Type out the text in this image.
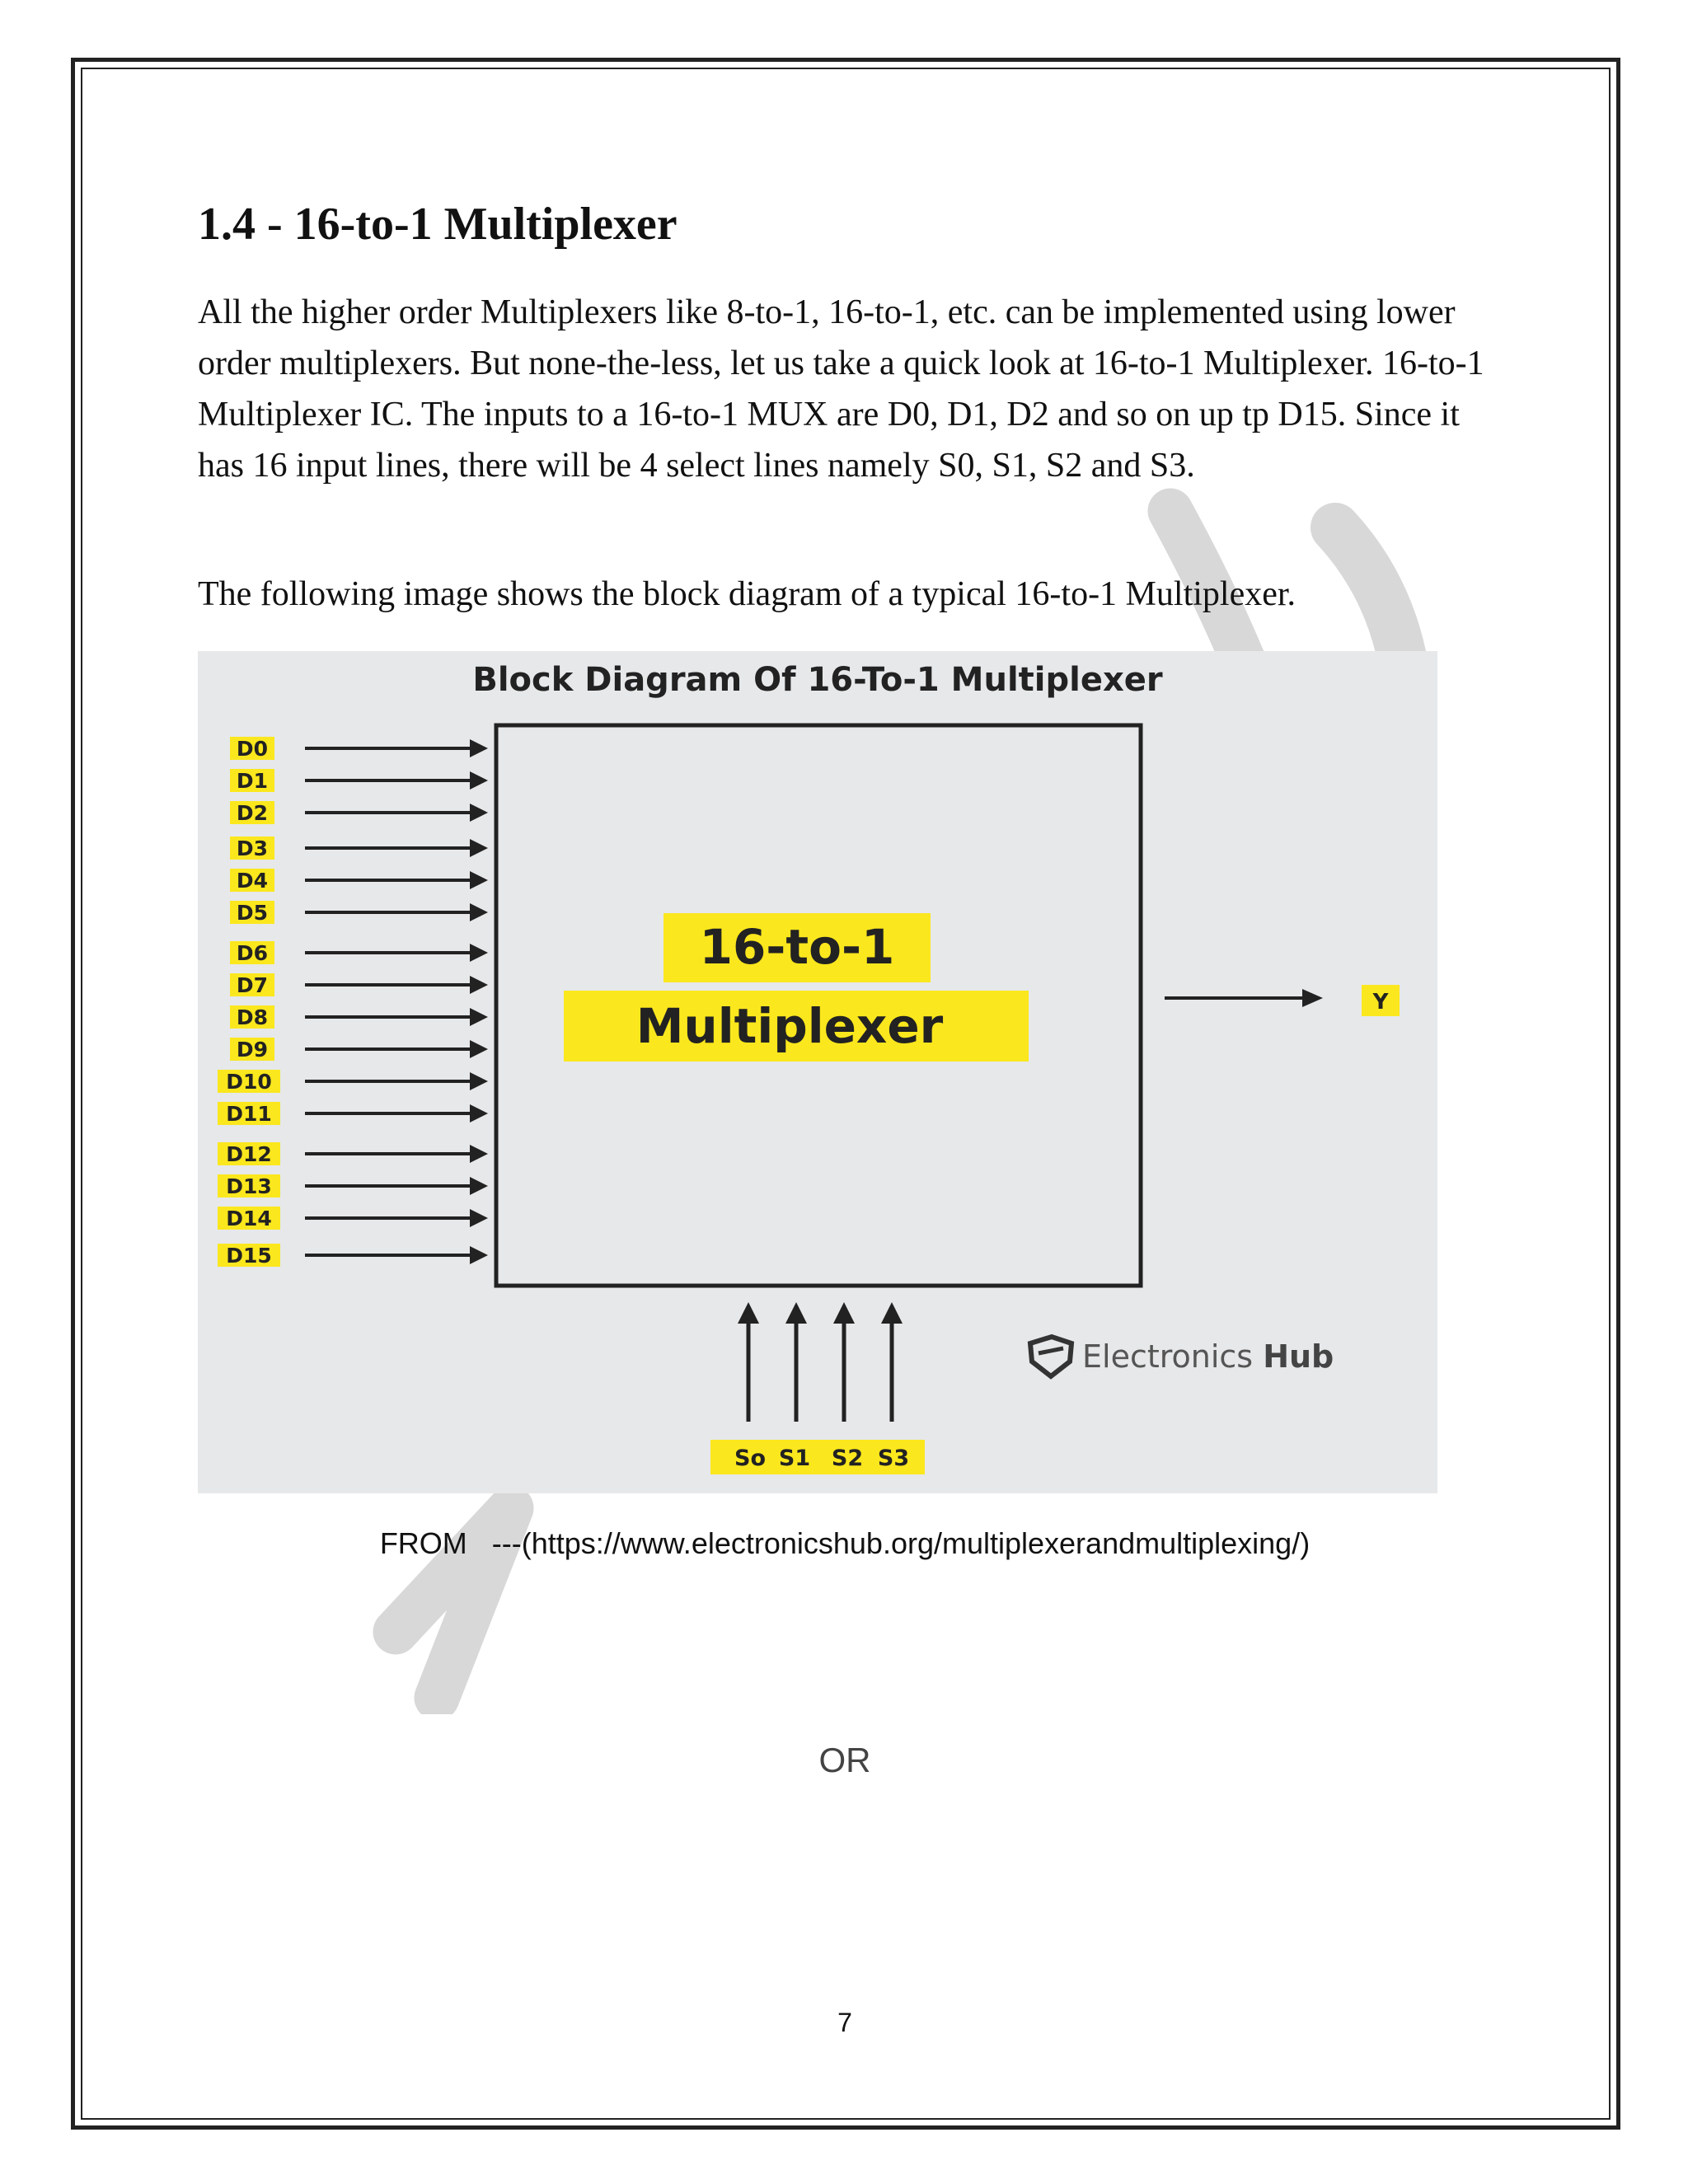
1.4 - 16-to-1 Multiplexer

All the higher order Multiplexers like 8-to-1, 16-to-1, etc. can be implemented using lower order multiplexers. But none-the-less, let us take a quick look at 16-to-1 Multiplexer. 16-to-1 Multiplexer IC. The inputs to a 16-to-1 MUX are D0, D1, D2 and so on up tp D15. Since it has 16 input lines, there will be 4 select lines namely S0, S1, S2 and S3.

The following image shows the block diagram of a typical 16-to-1 Multiplexer.

Block Diagram Of 16-To-1 Multiplexer
16-to-1
Multiplexer
D0
D1
D2
D3
D4
D5
D6
D7
D8
D9
D10
D11
D12
D13
D14
D15
Y
So S1 S2 S3
Electronics Hub
FROM   ---(https://www.electronicshub.org/multiplexerandmultiplexing/)
OR
7
